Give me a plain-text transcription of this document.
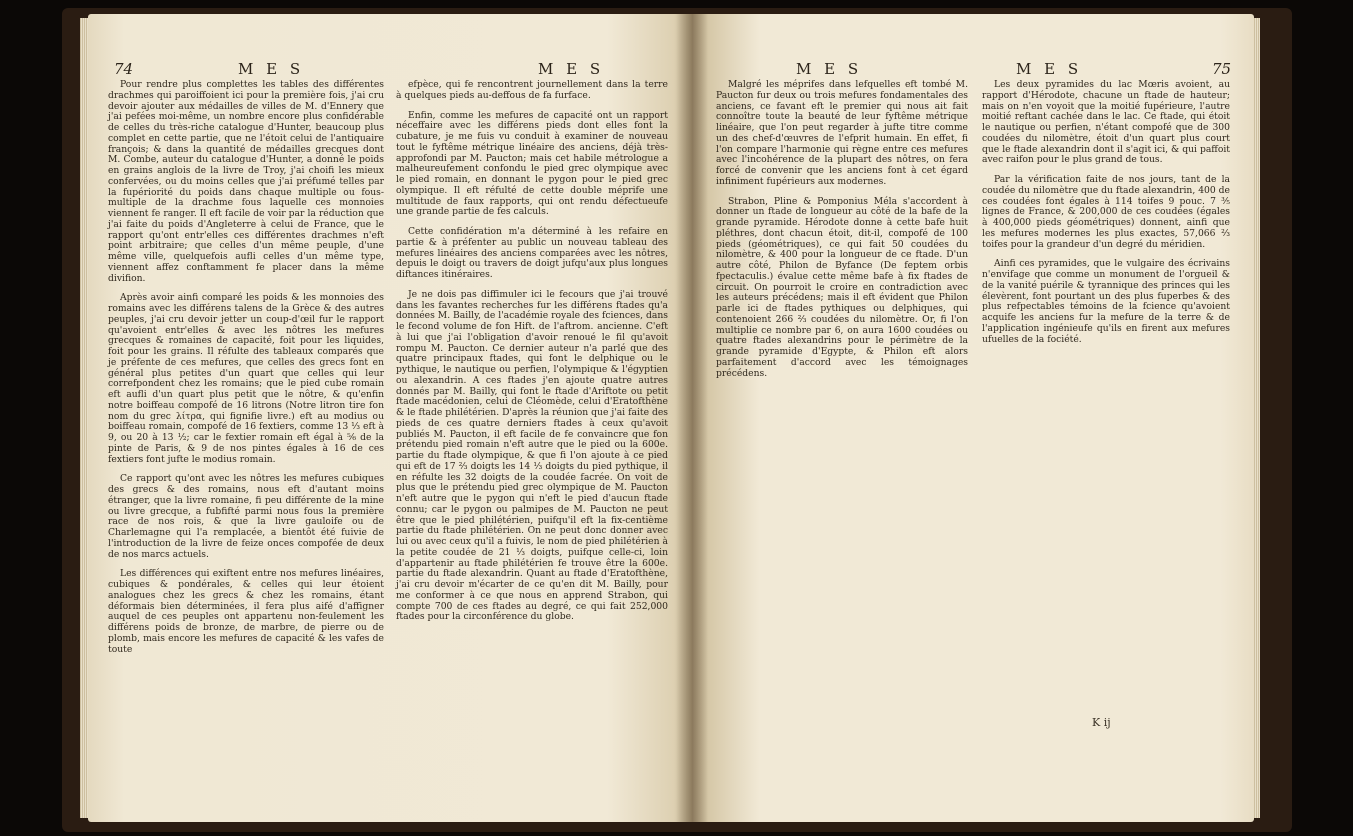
74	M E S	M E S

Pour rendre plus complettes les tables des différentes drachmes qui paroiffoient ici pour la première fois, j'ai cru devoir ajouter aux médailles de villes de M. d'Ennery que j'ai pefées moi-même, un nombre encore plus confidérable de celles du très-riche catalogue d'Hunter, beaucoup plus complet en cette partie, que ne l'étoit celui de l'antiquaire françois; & dans la quantité de médailles grecques dont M. Combe, auteur du catalogue d'Hunter, a donné le poids en grains anglois de la livre de Troy, j'ai choifi les mieux confervées, ou du moins celles que j'ai préfumé telles par la fupériorité du poids dans chaque multiple ou fous-multiple de la drachme fous laquelle ces monnoies viennent fe ranger. Il eft facile de voir par la réduction que j'ai faite du poids d'Angleterre à celui de France, que le rapport qu'ont entr'elles ces différentes drachmes n'eft point arbitraire; que celles d'un même peuple, d'une même ville, quelquefois aufli celles d'un même type, viennent affez conftamment fe placer dans la même divifion.

Après avoir ainfi comparé les poids & les monnoies des romains avec les différens talens de la Grèce & des autres peuples, j'ai cru devoir jetter un coup-d'œil fur le rapport qu'avoient entr'elles & avec les nôtres les mefures grecques & romaines de capacité, foit pour les liquides, foit pour les grains. Il réfulte des tableaux comparés que je préfente de ces mefures, que celles des grecs font en général plus petites d'un quart que celles qui leur correfpondent chez les romains; que le pied cube romain eft aufli d'un quart plus petit que le nôtre, & qu'enfin notre boiffeau compofé de 16 litrons (Notre litron tire fon nom du grec λίτρα, qui fignifie livre.) eft au modius ou boiffeau romain, compofé de 16 fextiers, comme 13 ⅓ eft à 9, ou 20 à 13 ½; car le fextier romain eft égal à ⁵⁄₆ de la pinte de Paris, & 9 de nos pintes égales à 16 de ces fextiers font jufte le modius romain.

Ce rapport qu'ont avec les nôtres les mefures cubiques des grecs & des romains, nous eft d'autant moins étranger, que la livre romaine, fi peu différente de la mine ou livre grecque, a fubfifté parmi nous fous la première race de nos rois, & que la livre gauloife ou de Charlemagne qui l'a remplacée, a bientôt été fuivie de l'introduction de la livre de feize onces compofée de deux de nos marcs actuels.

Les différences qui exiftent entre nos mefures linéaires, cubiques & pondérales, & celles qui leur étoient analogues chez les grecs & chez les romains, étant déformais bien déterminées, il fera plus aifé d'affigner auquel de ces peuples ont appartenu non-feulement les différens poids de bronze, de marbre, de pierre ou de plomb, mais encore les mefures de capacité & les vafes de toute

efpèce, qui fe rencontrent journellement dans la terre à quelques pieds au-deffous de fa furface.

Enfin, comme les mefures de capacité ont un rapport néceffaire avec les différens pieds dont elles font la cubature, je me fuis vu conduit à examiner de nouveau tout le fyftême métrique linéaire des anciens, déjà très-approfondi par M. Paucton; mais cet habile métrologue a malheureufement confondu le pied grec olympique avec le pied romain, en donnant le pygon pour le pied grec olympique. Il eft réfulté de cette double méprife une multitude de faux rapports, qui ont rendu défectueufe une grande partie de fes calculs.

Cette confidération m'a déterminé à les refaire en partie & à préfenter au public un nouveau tableau des mefures linéaires des anciens comparées avec les nôtres, depuis le doigt ou travers de doigt jufqu'aux plus longues diftances itinéraires.

Je ne dois pas diffimuler ici le fecours que j'ai trouvé dans les favantes recherches fur les différens ftades qu'a données M. Bailly, de l'académie royale des fciences, dans le fecond volume de fon Hift. de l'aftrom. ancienne. C'eft à lui que j'ai l'obligation d'avoir renoué le fil qu'avoit rompu M. Paucton. Ce dernier auteur n'a parlé que des quatre principaux ftades, qui font le delphique ou le pythique, le nautique ou perfien, l'olympique & l'égyptien ou alexandrin. A ces ftades j'en ajoute quatre autres donnés par M. Bailly, qui font le ftade d'Ariftote ou petit ftade macédonien, celui de Cléomède, celui d'Eratofthène & le ftade philétérien. D'après la réunion que j'ai faite des pieds de ces quatre derniers ftades à ceux qu'avoit publiés M. Paucton, il eft facile de fe convaincre que fon prétendu pied romain n'eft autre que le pied ou la 600e. partie du ftade olympique, & que fi l'on ajoute à ce pied qui eft de 17 ⅔ doigts les 14 ⅓ doigts du pied pythique, il en réfulte les 32 doigts de la coudée facrée. On voit de plus que le prétendu pied grec olympique de M. Paucton n'eft autre que le pygon qui n'eft le pied d'aucun ftade connu; car le pygon ou palmipes de M. Paucton ne peut être que le pied philétérien, puifqu'il eft la fix-centième partie du ftade philétérien. On ne peut donc donner avec lui ou avec ceux qu'il a fuivis, le nom de pied philétérien à la petite coudée de 21 ⅓ doigts, puifque celle-ci, loin d'appartenir au ftade philétérien fe trouve être la 600e. partie du ftade alexandrin. Quant au ftade d'Eratofthène, j'ai cru devoir m'écarter de ce qu'en dit M. Bailly, pour me conformer à ce que nous en apprend Strabon, qui compte 700 de ces ftades au degré, ce qui fait 252,000 ftades pour la circonférence du globe.

M E S	M E S	75

Malgré les méprifes dans lefquelles eft tombé M. Paucton fur deux ou trois mefures fondamentales des anciens, ce favant eft le premier qui nous ait fait connoître toute la beauté de leur fyftême métrique linéaire, que l'on peut regarder à jufte titre comme un des chef-d'œuvres de l'efprit humain. En effet, fi l'on compare l'harmonie qui règne entre ces mefures avec l'incohérence de la plupart des nôtres, on fera forcé de convenir que les anciens font à cet égard infiniment fupérieurs aux modernes.

Strabon, Pline & Pomponius Méla s'accordent à donner un ftade de longueur au côté de la bafe de la grande pyramide. Hérodote donne à cette bafe huit pléthres, dont chacun étoit, dit-il, compofé de 100 pieds (géométriques), ce qui fait 50 coudées du nilomètre, & 400 pour la longueur de ce ftade. D'un autre côté, Philon de Byfance (De feptem orbis fpectaculis.) évalue cette même bafe à fix ftades de circuit. On pourroit le croire en contradiction avec les auteurs précédens; mais il eft évident que Philon parle ici de ftades pythiques ou delphiques, qui contenoient 266 ⅔ coudées du nilomètre. Or, fi l'on multiplie ce nombre par 6, on aura 1600 coudées ou quatre ftades alexandrins pour le périmètre de la grande pyramide d'Egypte, & Philon eft alors parfaitement d'accord avec les témoignages précédens.

Les deux pyramides du lac Mœris avoient, au rapport d'Hérodote, chacune un ftade de hauteur; mais on n'en voyoit que la moitié fupérieure, l'autre moitié reftant cachée dans le lac. Ce ftade, qui étoit le nautique ou perfien, n'étant compofé que de 300 coudées du nilomètre, étoit d'un quart plus court que le ftade alexandrin dont il s'agit ici, & qui paffoit avec raifon pour le plus grand de tous.

Par la vérification faite de nos jours, tant de la coudée du nilomètre que du ftade alexandrin, 400 de ces coudées font égales à 114 toifes 9 pouc. 7 ⅗ lignes de France, & 200,000 de ces coudées (égales à 400,000 pieds géométriques) donnent, ainfi que les mefures modernes les plus exactes, 57,066 ⅔ toifes pour la grandeur d'un degré du méridien.

Ainfi ces pyramides, que le vulgaire des écrivains n'envifage que comme un monument de l'orgueil & de la vanité puérile & tyrannique des princes qui les élevèrent, font pourtant un des plus fuperbes & des plus refpectables témoins de la fcience qu'avoient acquife les anciens fur la mefure de la terre & de l'application ingénieufe qu'ils en firent aux mefures ufuelles de la fociété.

K ij
